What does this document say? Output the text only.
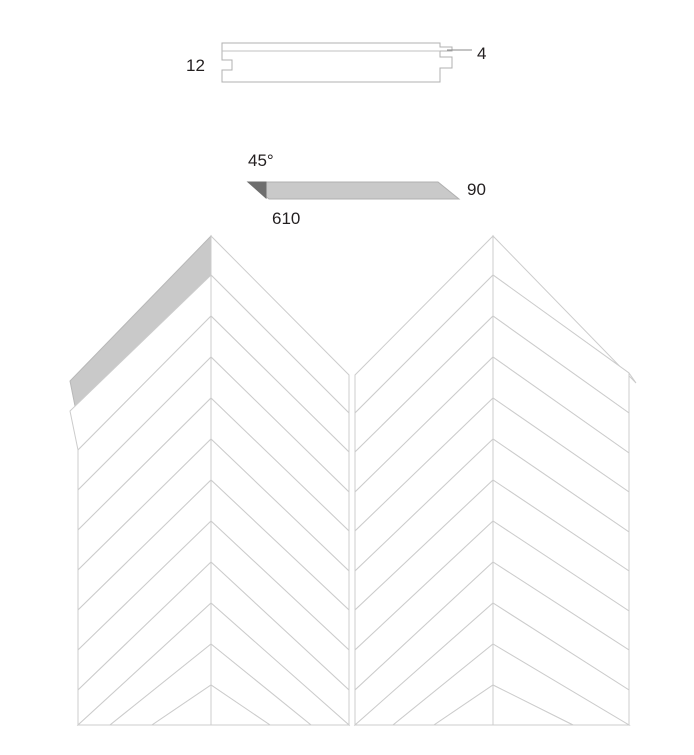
12
4
45°
90
610
